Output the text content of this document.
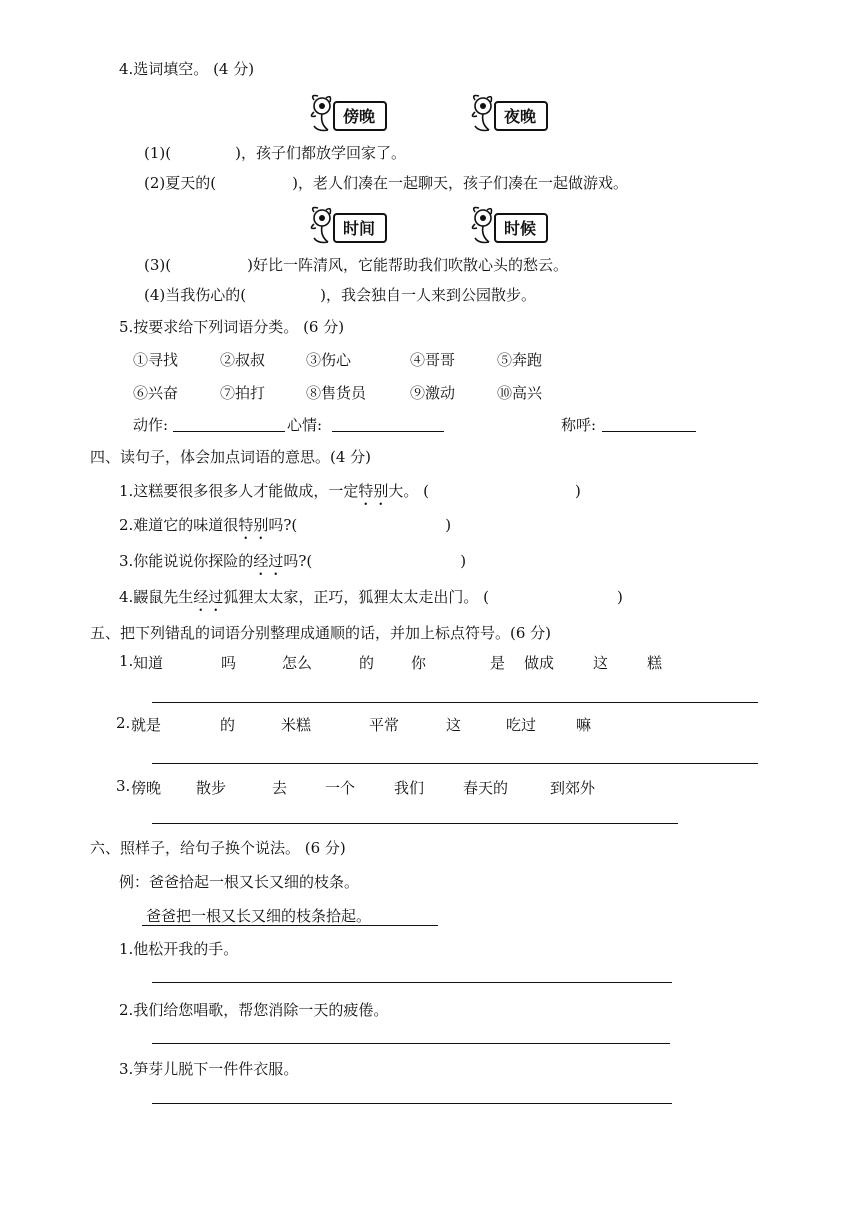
4.选词填空。 (4 分)
傍晚	夜晚
(1)(	)，孩子们都放学回家了。
(2)夏天的(	)，老人们凑在一起聊天，孩子们凑在一起做游戏。
时间	时候
(3)(	)好比一阵清风，它能帮助我们吹散心头的愁云。
(4)当我伤心的(	)，我会独自一人来到公园散步。
5.按要求给下列词语分类。 (6 分)
①寻找	②叔叔	③伤心	④哥哥	⑤奔跑
⑥兴奋	⑦拍打	⑧售货员	⑨激动	⑩高兴
动作:	心情:	称呼:
四、读句子，体会加点词语的意思。(4 分)
1.这糕要很多很多人才能做成，一定特别大。 (	)
2.难道它的味道很特别吗?(	)
3.你能说说你探险的经过吗?(	)
4.鼹鼠先生经过狐狸太太家，正巧，狐狸太太走出门。 (	)
五、把下列错乱的词语分别整理成通顺的话，并加上标点符号。(6 分)
1. 知道	吗	怎么	的 你	是 做成	这	糕
2. 就是	的	米糕	平常	这	吃过	嘛
3. 傍晚 散步	去	一个	我们	春天的	到郊外
六、照样子，给句子换个说法。 (6 分)
例：爸爸拾起一根又长又细的枝条。
爸爸把一根又长又细的枝条拾起。
1.他松开我的手。
2.我们给您唱歌，帮您消除一天的疲倦。
3.笋芽儿脱下一件件衣服。
